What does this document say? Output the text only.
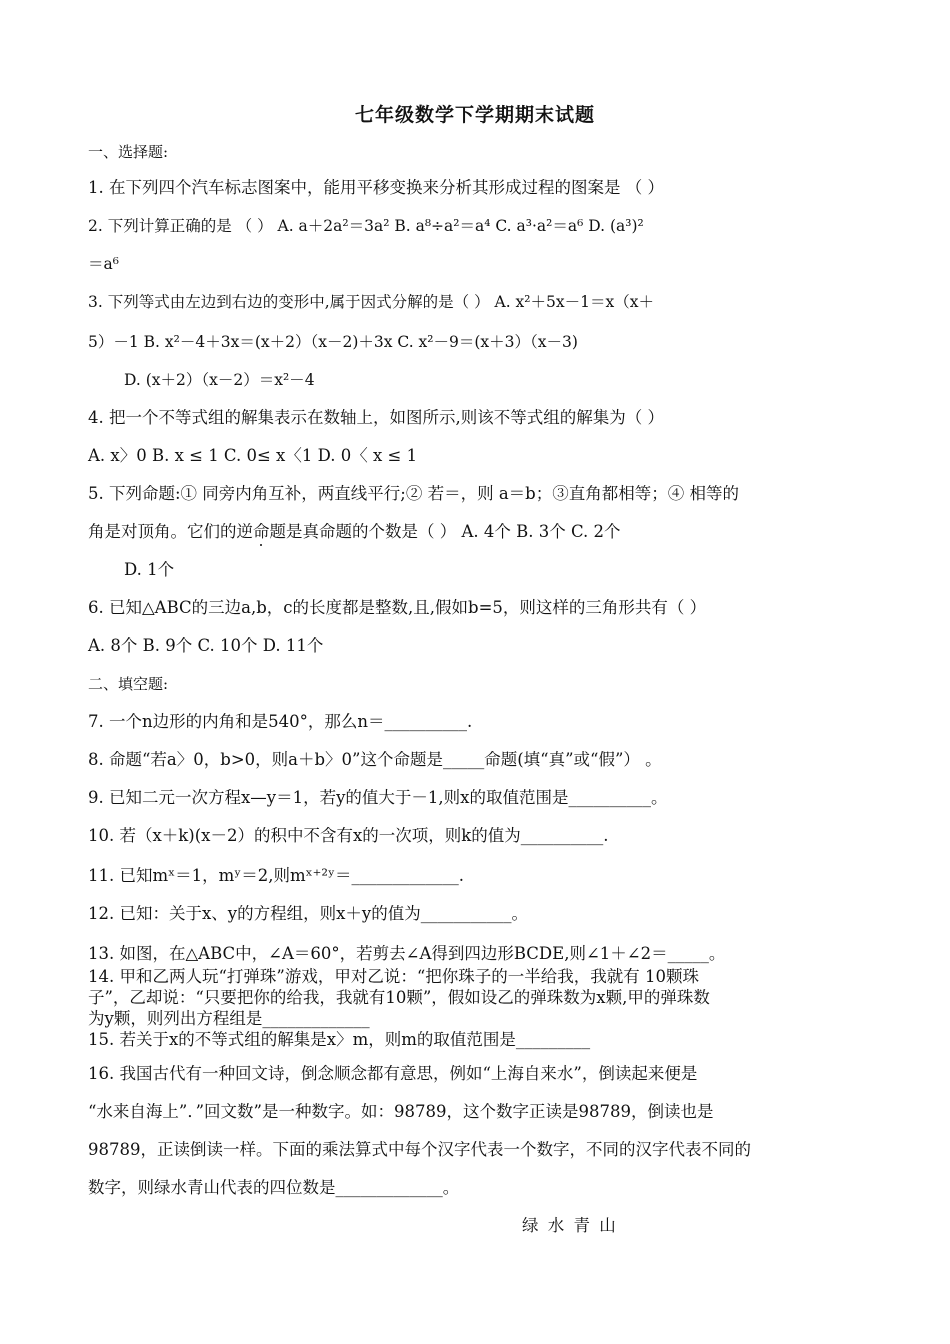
七年级数学下学期期末试题
一、选择题:
1. 在下列四个汽车标志图案中，能用平移变换来分析其形成过程的图案是 （ ）
2. 下列计算正确的是 （ ） A. a＋2a²＝3a² B. a⁸÷a²＝a⁴ C. a³·a²＝a⁶ D. (a³)²
＝a⁶
3. 下列等式由左边到右边的变形中,属于因式分解的是（ ） A. x²＋5x－1＝x（x＋
5）－1 B. x²－4＋3x＝(x＋2）（x－2)＋3x C. x²－9＝(x＋3）（x－3)
D. (x＋2）（x－2）＝x²－4
4. 把一个不等式组的解集表示在数轴上，如图所示,则该不等式组的解集为（ ）
A. x〉0 B. x ≤ 1 C. 0≤ x〈1 D. 0〈 x ≤ 1
5. 下列命题:① 同旁内角互补，两直线平行;② 若＝，则 a＝b；③直角都相等；④ 相等的
角是对顶角。它们的逆命题是真命题的个数是（ ） A. 4个 B. 3个 C. 2个
D. 1个
6. 已知△ABC的三边a,b，c的长度都是整数,且,假如b=5，则这样的三角形共有（ ）
A. 8个 B. 9个 C. 10个 D. 11个
二、填空题:
7. 一个n边形的内角和是540°，那么n＝__________.
8. 命题“若a〉0，b>0，则a＋b〉0”这个命题是_____命题(填“真”或“假”） 。
9. 已知二元一次方程x—y＝1，若y的值大于－1,则x的取值范围是__________。
10. 若（x＋k)(x－2）的积中不含有x的一次项，则k的值为__________.
11. 已知mˣ＝1，mʸ＝2,则mˣ⁺²ʸ＝_____________.
12. 已知：关于x、y的方程组，则x＋y的值为___________。
13. 如图，在△ABC中，∠A＝60°，若剪去∠A得到四边形BCDE,则∠1＋∠2＝_____。
14. 甲和乙两人玩“打弹珠”游戏，甲对乙说：“把你珠子的一半给我，我就有 10颗珠
子”，乙却说：“只要把你的给我，我就有10颗”，假如设乙的弹珠数为x颗,甲的弹珠数
为y颗，则列出方程组是_____________
15. 若关于x的不等式组的解集是x〉m，则m的取值范围是_________
16. 我国古代有一种回文诗，倒念顺念都有意思，例如“上海自来水”，倒读起来便是
“水来自海上”．”回文数”是一种数字。如：98789，这个数字正读是98789，倒读也是
98789，正读倒读一样。下面的乘法算式中每个汉字代表一个数字，不同的汉字代表不同的
数字，则绿水青山代表的四位数是_____________。
绿 水 青 山
